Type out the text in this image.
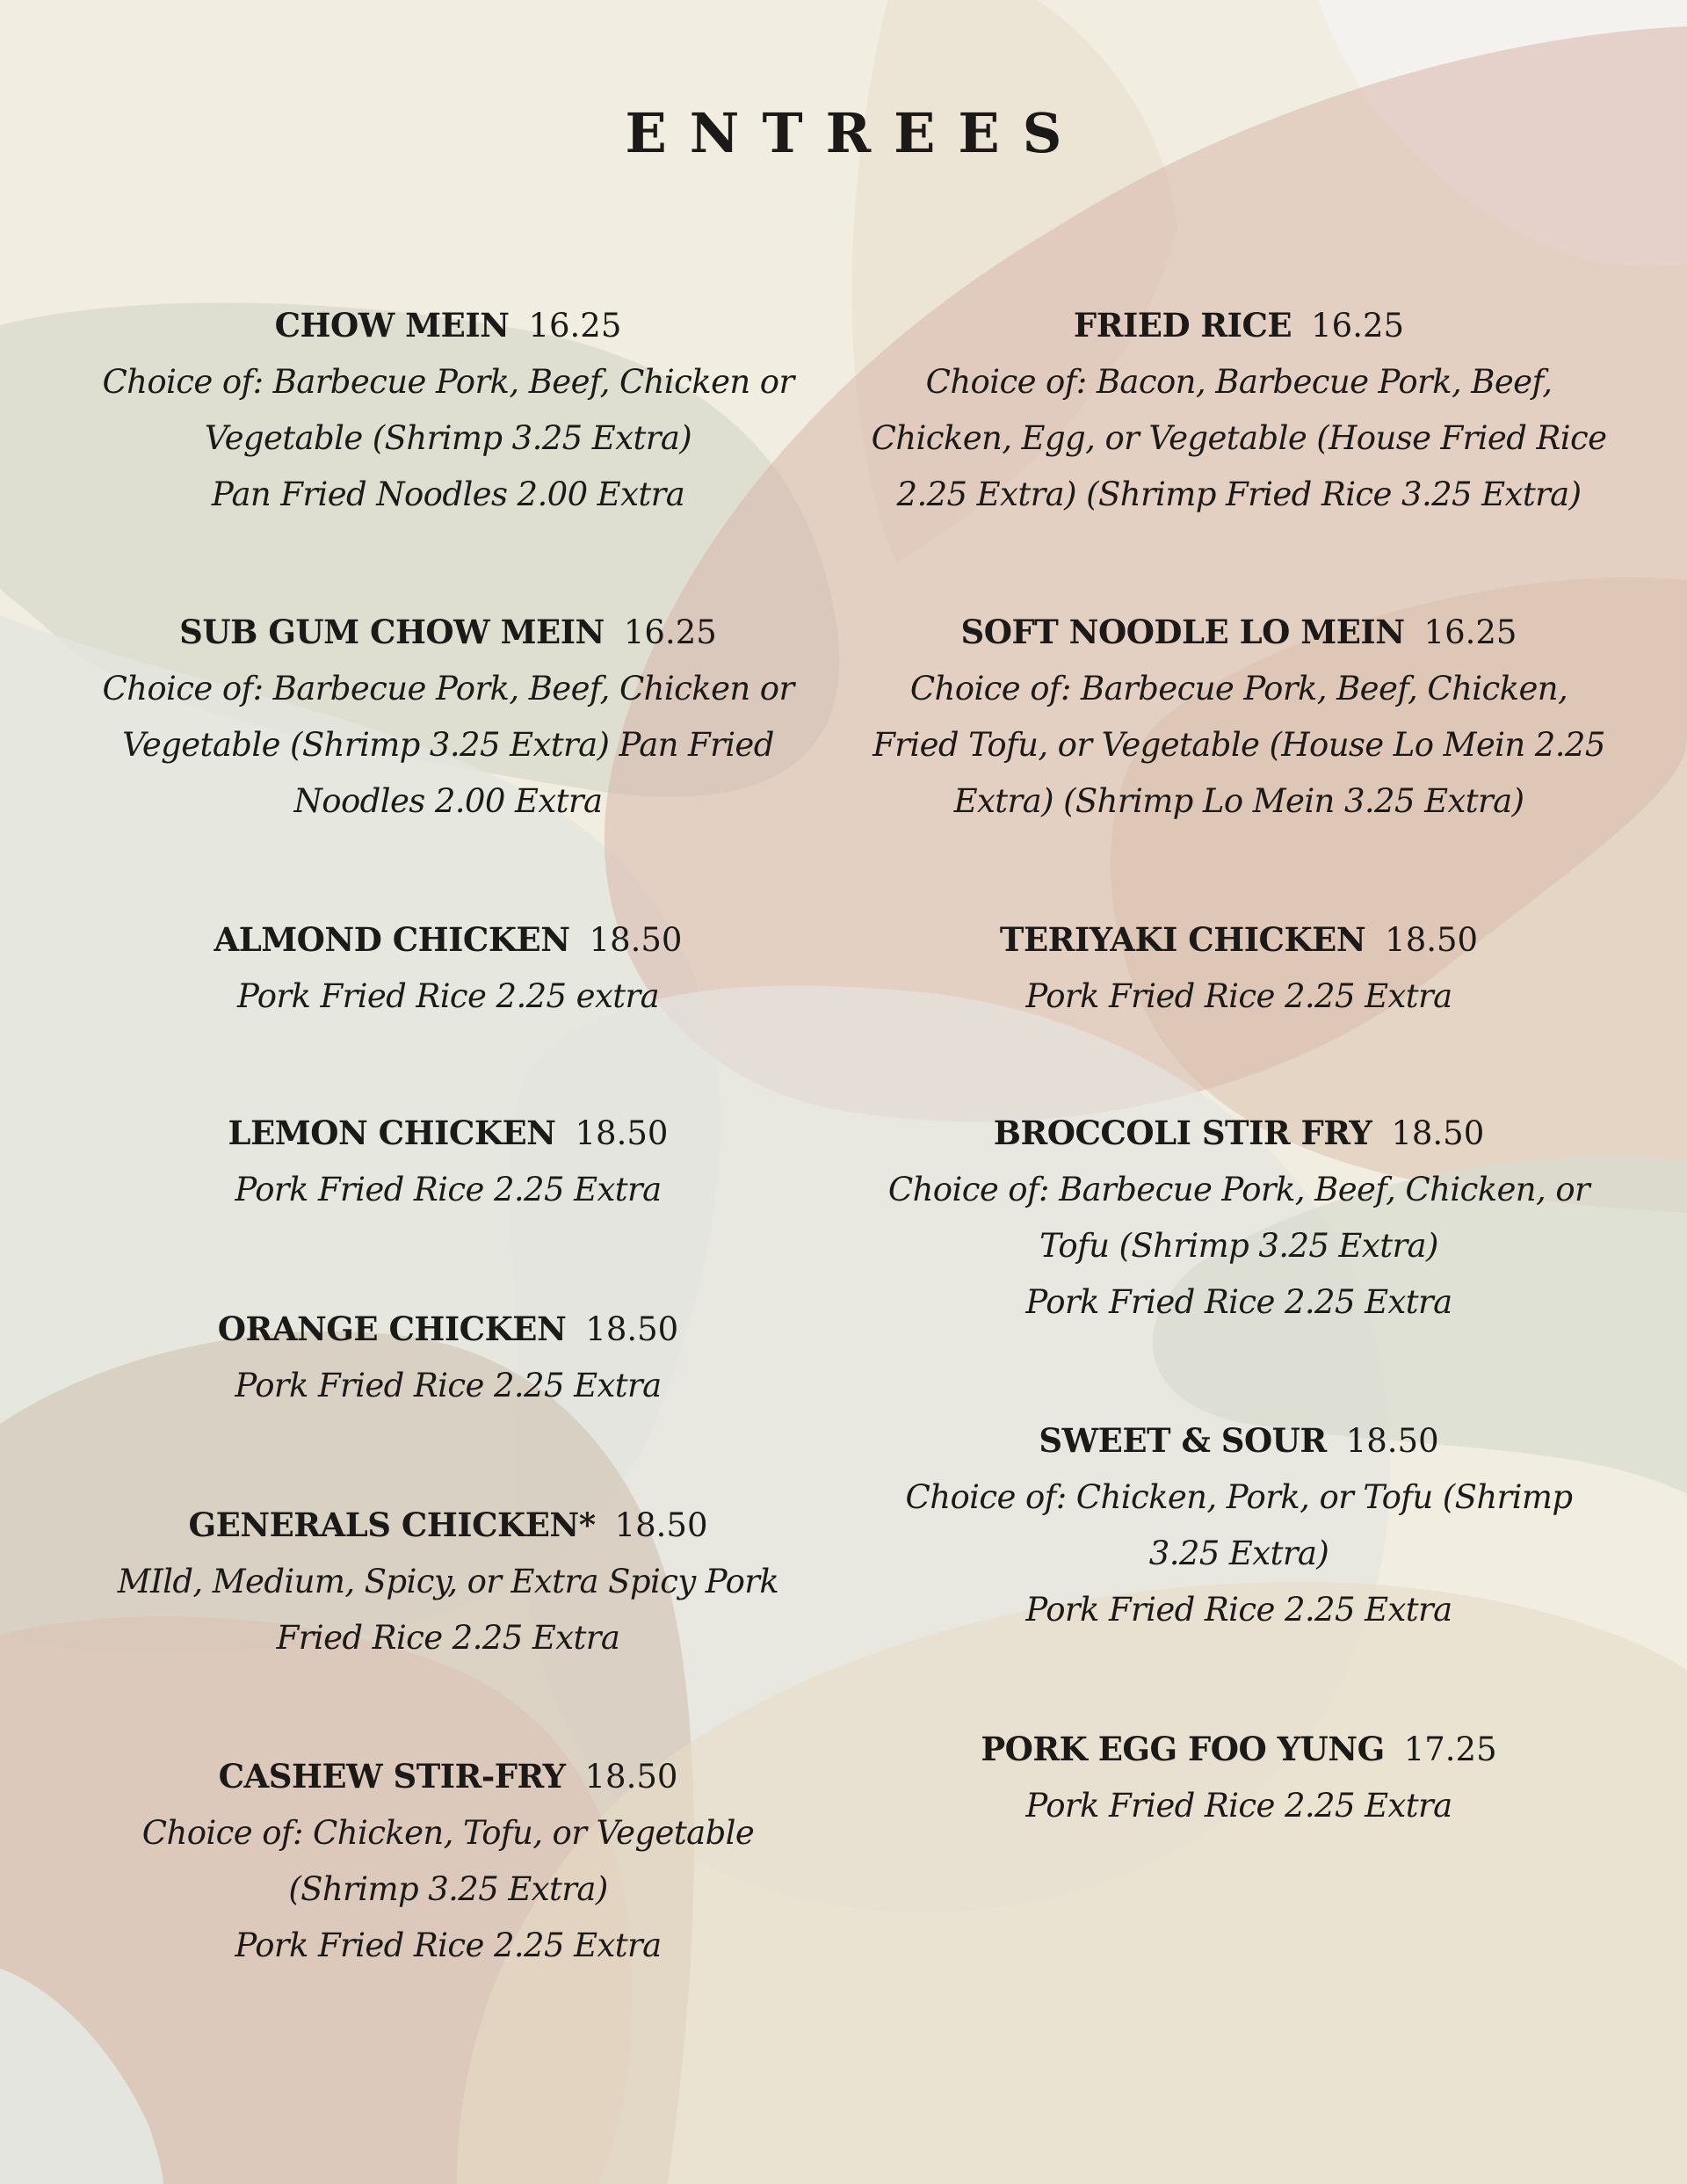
ENTREES
CHOW MEIN 16.25
Choice of: Barbecue Pork, Beef, Chicken or
Vegetable (Shrimp 3.25 Extra)
Pan Fried Noodles 2.00 Extra
SUB GUM CHOW MEIN 16.25
Choice of: Barbecue Pork, Beef, Chicken or
Vegetable (Shrimp 3.25 Extra) Pan Fried
Noodles 2.00 Extra
ALMOND CHICKEN 18.50
Pork Fried Rice 2.25 extra
LEMON CHICKEN 18.50
Pork Fried Rice 2.25 Extra
ORANGE CHICKEN 18.50
Pork Fried Rice 2.25 Extra
GENERALS CHICKEN* 18.50
MIld, Medium, Spicy, or Extra Spicy Pork
Fried Rice 2.25 Extra
CASHEW STIR-FRY 18.50
Choice of: Chicken, Tofu, or Vegetable
(Shrimp 3.25 Extra)
Pork Fried Rice 2.25 Extra
FRIED RICE 16.25
Choice of: Bacon, Barbecue Pork, Beef,
Chicken, Egg, or Vegetable (House Fried Rice
2.25 Extra) (Shrimp Fried Rice 3.25 Extra)
SOFT NOODLE LO MEIN 16.25
Choice of: Barbecue Pork, Beef, Chicken,
Fried Tofu, or Vegetable (House Lo Mein 2.25
Extra) (Shrimp Lo Mein 3.25 Extra)
TERIYAKI CHICKEN 18.50
Pork Fried Rice 2.25 Extra
BROCCOLI STIR FRY 18.50
Choice of: Barbecue Pork, Beef, Chicken, or
Tofu (Shrimp 3.25 Extra)
Pork Fried Rice 2.25 Extra
SWEET & SOUR 18.50
Choice of: Chicken, Pork, or Tofu (Shrimp
3.25 Extra)
Pork Fried Rice 2.25 Extra
PORK EGG FOO YUNG 17.25
Pork Fried Rice 2.25 Extra
